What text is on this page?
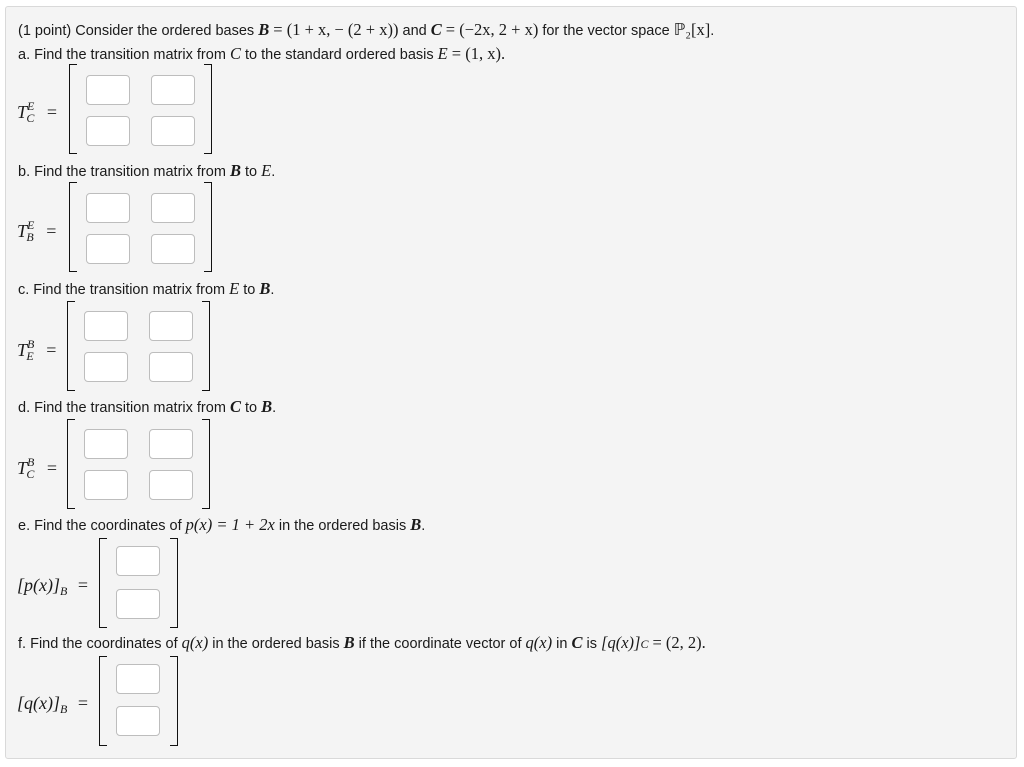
(1 point) Consider the ordered bases B = (1 + x, − (2 + x)) and C = (−2x, 2 + x) for the vector space ℙ₂[x].
a. Find the transition matrix from C to the standard ordered basis E = (1, x).
$T^E_C$ =
b. Find the transition matrix from B to E.
$T^E_B$ =
c. Find the transition matrix from E to B.
$T^B_E$ =
d. Find the transition matrix from C to B.
$T^B_C$ =
e. Find the coordinates of p(x) = 1 + 2x in the ordered basis B.
$[p(x)]_B$ =
f. Find the coordinates of q(x) in the ordered basis B if the coordinate vector of q(x) in C is [q(x)]C = (2, 2).
$[q(x)]_B$ =
